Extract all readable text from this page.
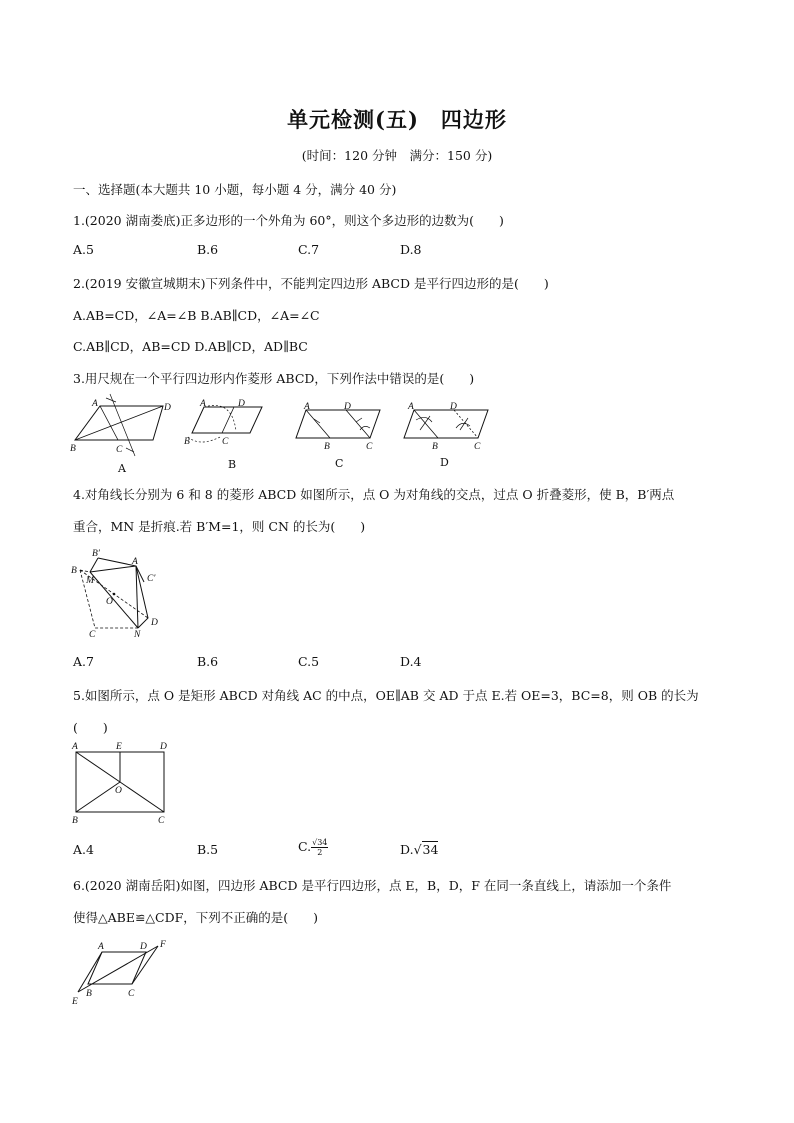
单元检测(五)　四边形
(时间：120 分钟　满分：150 分)
一、选择题(本大题共 10 小题，每小题 4 分，满分 40 分)
1.(2020 湖南娄底)正多边形的一个外角为 60°，则这个多边形的边数为(　　)
A.5	B.6	C.7	D.8
2.(2019 安徽宣城期末)下列条件中，不能判定四边形 ABCD 是平行四边形的是(　　)
A.AB=CD，∠A=∠B B.AB∥CD，∠A=∠C
C.AB∥CD，AB=CD D.AB∥CD，AD∥BC
3.用尺规在一个平行四边形内作菱形 ABCD，下列作法中错误的是(　　)
A	D
B	C
A
A	D
B	C
B
A	D
B	C
C
A	D
B	C
D
4.对角线长分别为 6 和 8 的菱形 ABCD 如图所示，点 O 为对角线的交点，过点 O 折叠菱形，使 B，B′两点
重合，MN 是折痕.若 B′M=1，则 CN 的长为(　　)
B′
A
B
M	C′
O
C	N
D
A.7	B.6	C.5	D.4
5.如图所示，点 O 是矩形 ABCD 对角线 AC 的中点，OE∥AB 交 AD 于点 E.若 OE=3，BC=8，则 OB 的长为
(　　)
A	E	D
O
B	C
A.4	B.5	C. $\frac{√34}{2}$	D.√34
6.(2020 湖南岳阳)如图，四边形 ABCD 是平行四边形，点 E，B，D，F 在同一条直线上，请添加一个条件
使得△ABE≌△CDF，下列不正确的是(　　)
A	D F
E
B	C
